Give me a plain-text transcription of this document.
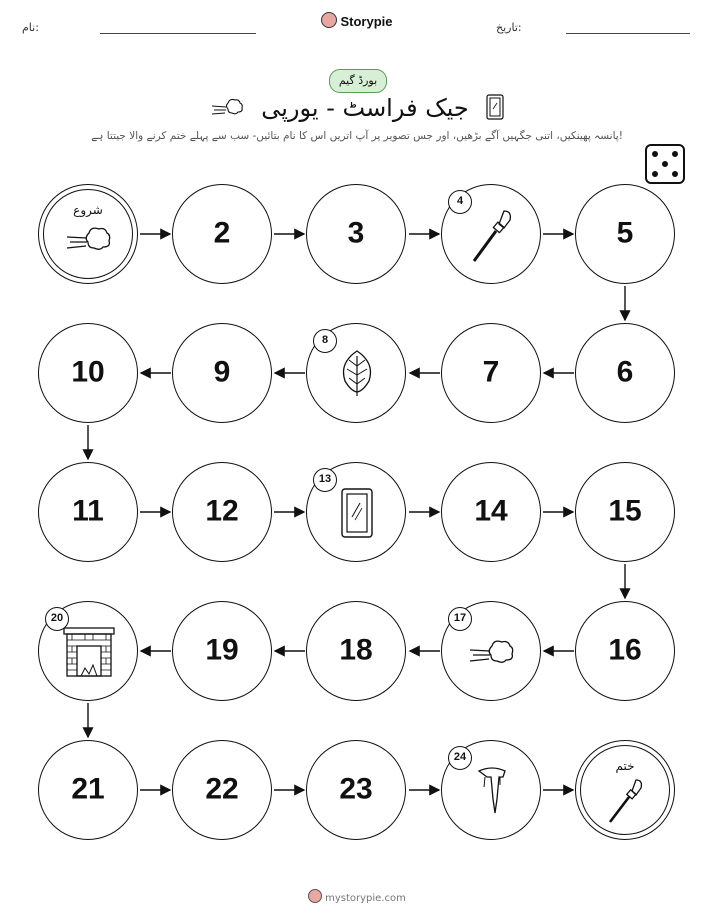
نام:	تاریخ:
Storypie
بورڈ گیم
جیک فراسٹ - یورپی
پانسہ پھینکیں، اتنی جگہیں آگے بڑھیں، اور جس تصویر پر آپ اتریں اس کا نام بتائیں- سب سے پہلے ختم کرنے والا جیتتا ہے!
شروع
2	3
4
5
10	9
8
7	6
11	12
13
14	15
20
19	18
17
16
21	22	23
24
ختم
mystorypie.com
